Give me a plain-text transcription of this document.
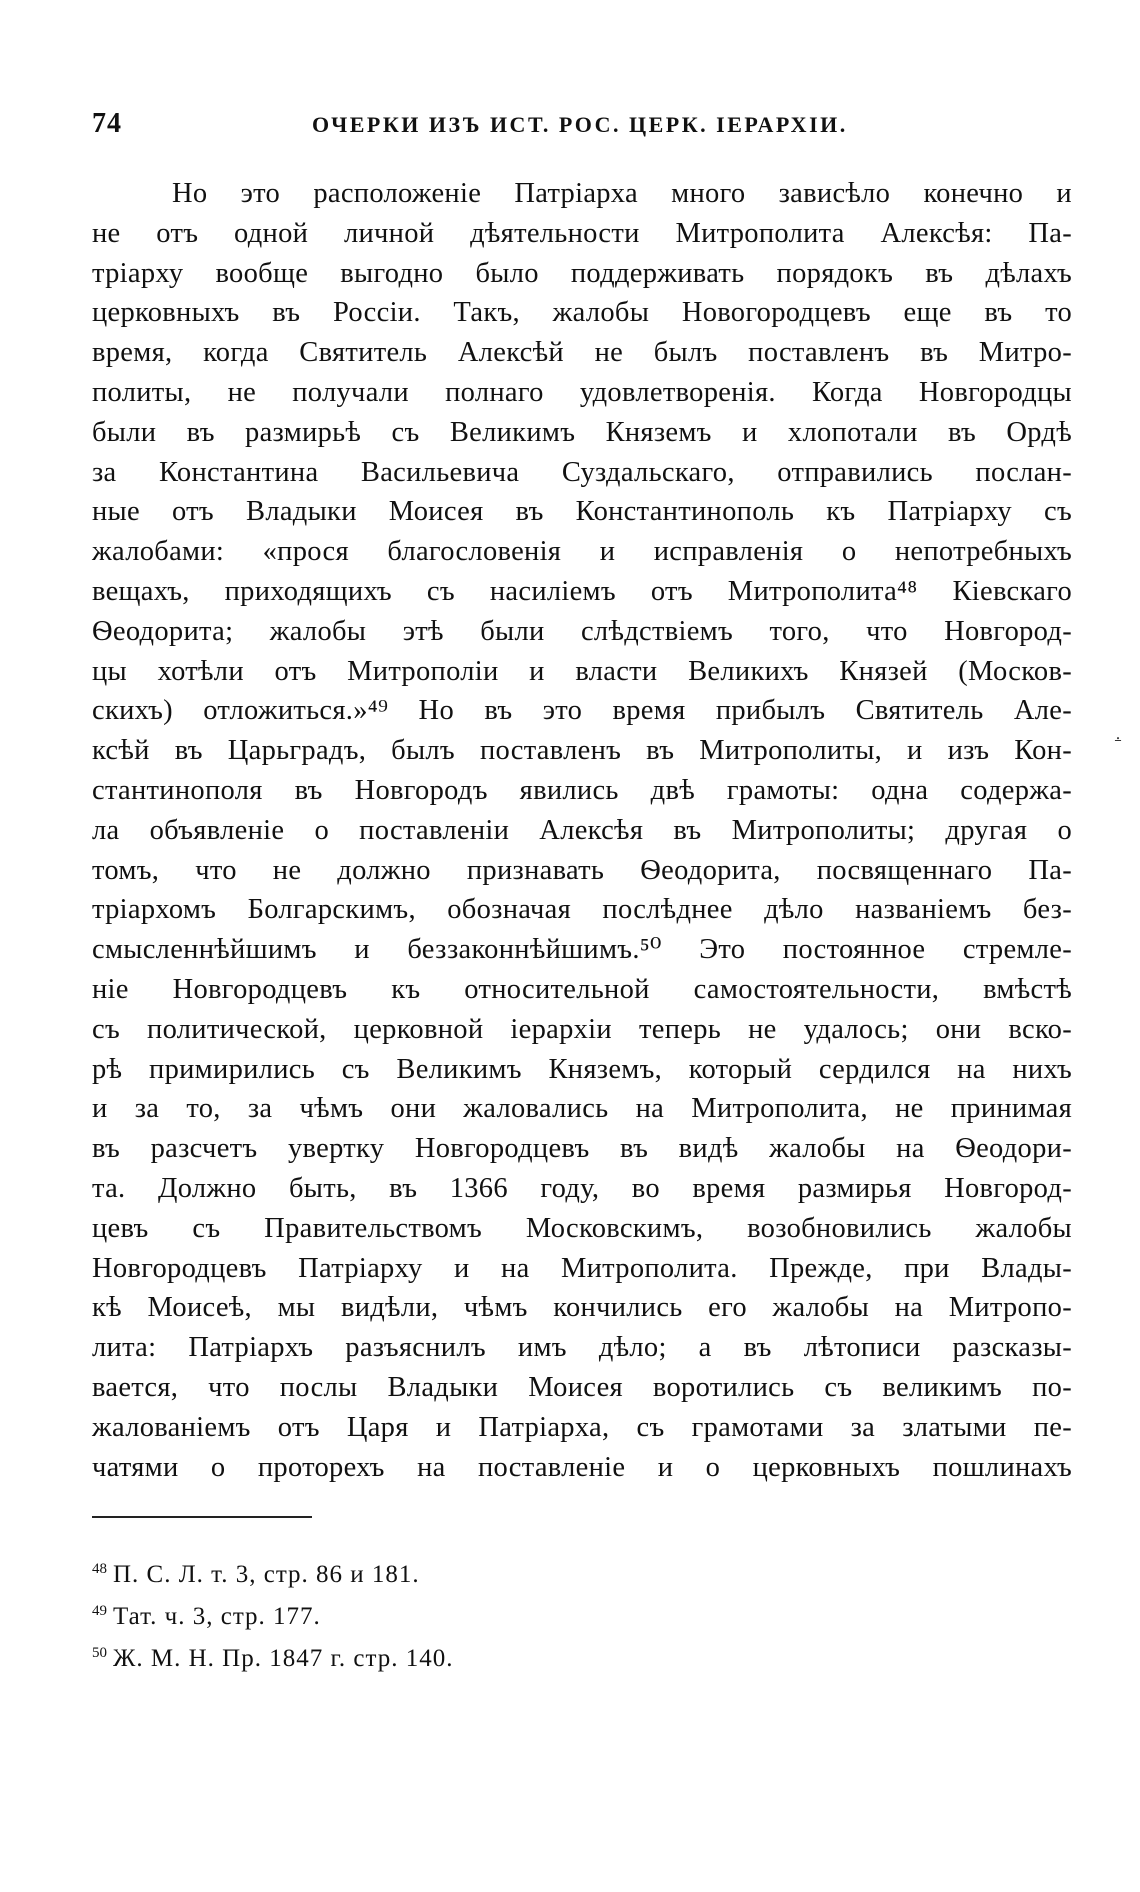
74	ОЧЕРКИ ИЗЪ ИСТ. РОС. ЦЕРК. ІЕРАРХІИ.
Но это расположеніе Патріарха много зависѣло конечно и
не отъ одной личной дѣятельности Митрополита Алексѣя: Па-
тріарху вообще выгодно было поддерживать порядокъ въ дѣлахъ
церковныхъ въ Россіи. Такъ, жалобы Новогородцевъ еще въ то
время, когда Святитель Алексѣй не былъ поставленъ въ Митро-
политы, не получали полнаго удовлетворенія. Когда Новгородцы
были въ размирьѣ съ Великимъ Княземъ и хлопотали въ Ордѣ
за Константина Васильевича Суздальскаго, отправились послан-
ные отъ Владыки Моисея въ Константинополь къ Патріарху съ
жалобами: «прося благословенія и исправленія о непотребныхъ
вещахъ, приходящихъ съ насиліемъ отъ Митрополита⁴⁸ Кіевскаго
Ѳеодорита; жалобы этѣ были слѣдствіемъ того, что Новгород-
цы хотѣли отъ Митрополіи и власти Великихъ Князей (Москов-
скихъ) отложиться.»⁴⁹ Но въ это время прибылъ Святитель Але-
ксѣй въ Царьградъ, былъ поставленъ въ Митрополиты, и изъ Кон-
стантинополя въ Новгородъ явились двѣ грамоты: одна содержа-
ла объявленіе о поставленіи Алексѣя въ Митрополиты; другая о
томъ, что не должно признавать Ѳеодорита, посвященнаго Па-
тріархомъ Болгарскимъ, обозначая послѣднее дѣло названіемъ без-
смысленнѣйшимъ и беззаконнѣйшимъ.⁵⁰ Это постоянное стремле-
ніе Новгородцевъ къ относительной самостоятельности, вмѣстѣ
съ политической, церковной іерархіи теперь не удалось; они вско-
рѣ примирились съ Великимъ Княземъ, который сердился на нихъ
и за то, за чѣмъ они жаловались на Митрополита, не принимая
въ разсчетъ увертку Новгородцевъ въ видѣ жалобы на Ѳеодори-
та. Должно быть, въ 1366 году, во время размирья Новгород-
цевъ съ Правительствомъ Московскимъ, возобновились жалобы
Новгородцевъ Патріарху и на Митрополита. Прежде, при Влады-
кѣ Моисеѣ, мы видѣли, чѣмъ кончились его жалобы на Митропо-
лита: Патріархъ разъяснилъ имъ дѣло; а въ лѣтописи разсказы-
вается, что послы Владыки Моисея воротились съ великимъ по-
жалованіемъ отъ Царя и Патріарха, съ грамотами за златыми пе-
чатями о проторехъ на поставленіе и о церковныхъ пошлинахъ
$^{48}$ П. С. Л. т. 3, стр. 86 и 181.
$^{49}$ Тат. ч. 3, стр. 177.
$^{50}$ Ж. М. Н. Пр. 1847 г. стр. 140.
